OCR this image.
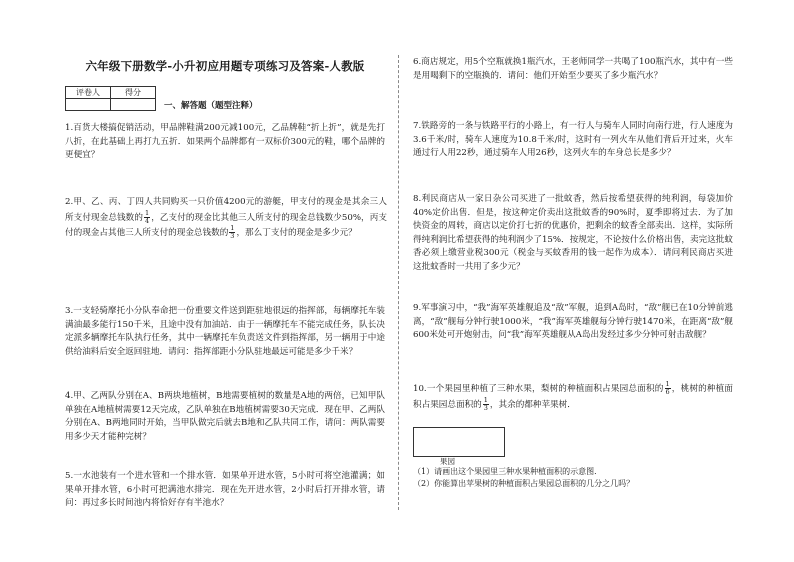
六年级下册数学-小升初应用题专项练习及答案-人教版
评卷人	得分

一、解答题（题型注释）
1.百货大楼搞促销活动，甲品牌鞋满200元减100元，乙品牌鞋“折上折”，就是先打八折，在此基础上再打九五折．如果两个品牌都有一双标价300元的鞋，哪个品牌的更便宜？
2.甲、乙、丙、丁四人共同购买一只价值4200元的游艇，甲支付的现金是其余三人所支付现金总钱数的 $\frac{1}{4}$ ，乙支付的现金比其他三人所支付的现金总钱数少50%，丙支付的现金占其他三人所支付的现金总钱数的 $\frac{1}{3}$ ，那么丁支付的现金是多少元？
3.一支轻骑摩托小分队奉命把一份重要文件送到距驻地很远的指挥部，每辆摩托车装满油最多能行150千米，且途中没有加油站．由于一辆摩托车不能完成任务，队长决定派多辆摩托车队执行任务，其中一辆摩托车负责送文件到指挥部，另一辆用于中途供给油料后安全返回驻地．请问：指挥部距小分队驻地最远可能是多少千米？
4.甲、乙两队分别在A、B两块地植树，B地需要植树的数量是A地的两倍，已知甲队单独在A地植树需要12天完成，乙队单独在B地植树需要30天完成．现在甲、乙两队分别在A、B两地同时开始，当甲队做完后就去B地和乙队共同工作，请问：两队需要用多少天才能种完树？
5.一水池装有一个进水管和一个排水管．如果单开进水管，5小时可将空池灌满；如果单开排水管，6小时可把满池水排完．现在先开进水管，2小时后打开排水管，请问：再过多长时间池内将恰好存有半池水？
6.商店规定，用5个空瓶就换1瓶汽水，王老师同学一共喝了100瓶汽水，其中有一些是用喝剩下的空瓶换的．请问：他们开始至少要买了多少瓶汽水？
7.铁路旁的一条与铁路平行的小路上，有一行人与骑车人同时向南行进，行人速度为3.6千米/时，骑车人速度为10.8千米/时，这时有一列火车从他们背后开过来，火车通过行人用22秒，通过骑车人用26秒，这列火车的车身总长是多少？
8.利民商店从一家日杂公司买进了一批蚊香，然后按希望获得的纯利润，每袋加价40%定价出售．但是，按这种定价卖出这批蚊香的90%时，夏季即将过去．为了加快资金的周转，商店以定价打七折的优惠价，把剩余的蚊香全部卖出．这样，实际所得纯利润比希望获得的纯利润少了15%．按规定，不论按什么价格出售，卖完这批蚊香必须上缴营业税300元（税金与买蚊香用的钱一起作为成本）．请问利民商店买进这批蚊香时一共用了多少元？
9.军事演习中，“我”海军英雄舰追及“敌”军舰，追到A岛时，“敌”舰已在10分钟前逃离，“敌”舰每分钟行驶1000米，“我”海军英雄舰每分钟行驶1470米，在距离“敌”舰600米处可开炮射击，问“我”海军英雄舰从A岛出发经过多少分钟可射击敌舰？
10.一个果园里种植了三种水果，梨树的种植面积占果园总面积的 $\frac{1}{6}$ ，桃树的种植面积占果园总面积的 $\frac{1}{3}$ ，其余的都种苹果树．
果园
（1）请画出这个果园里三种水果种植面积的示意图．
（2）你能算出苹果树的种植面积占果园总面积的几分之几吗？
